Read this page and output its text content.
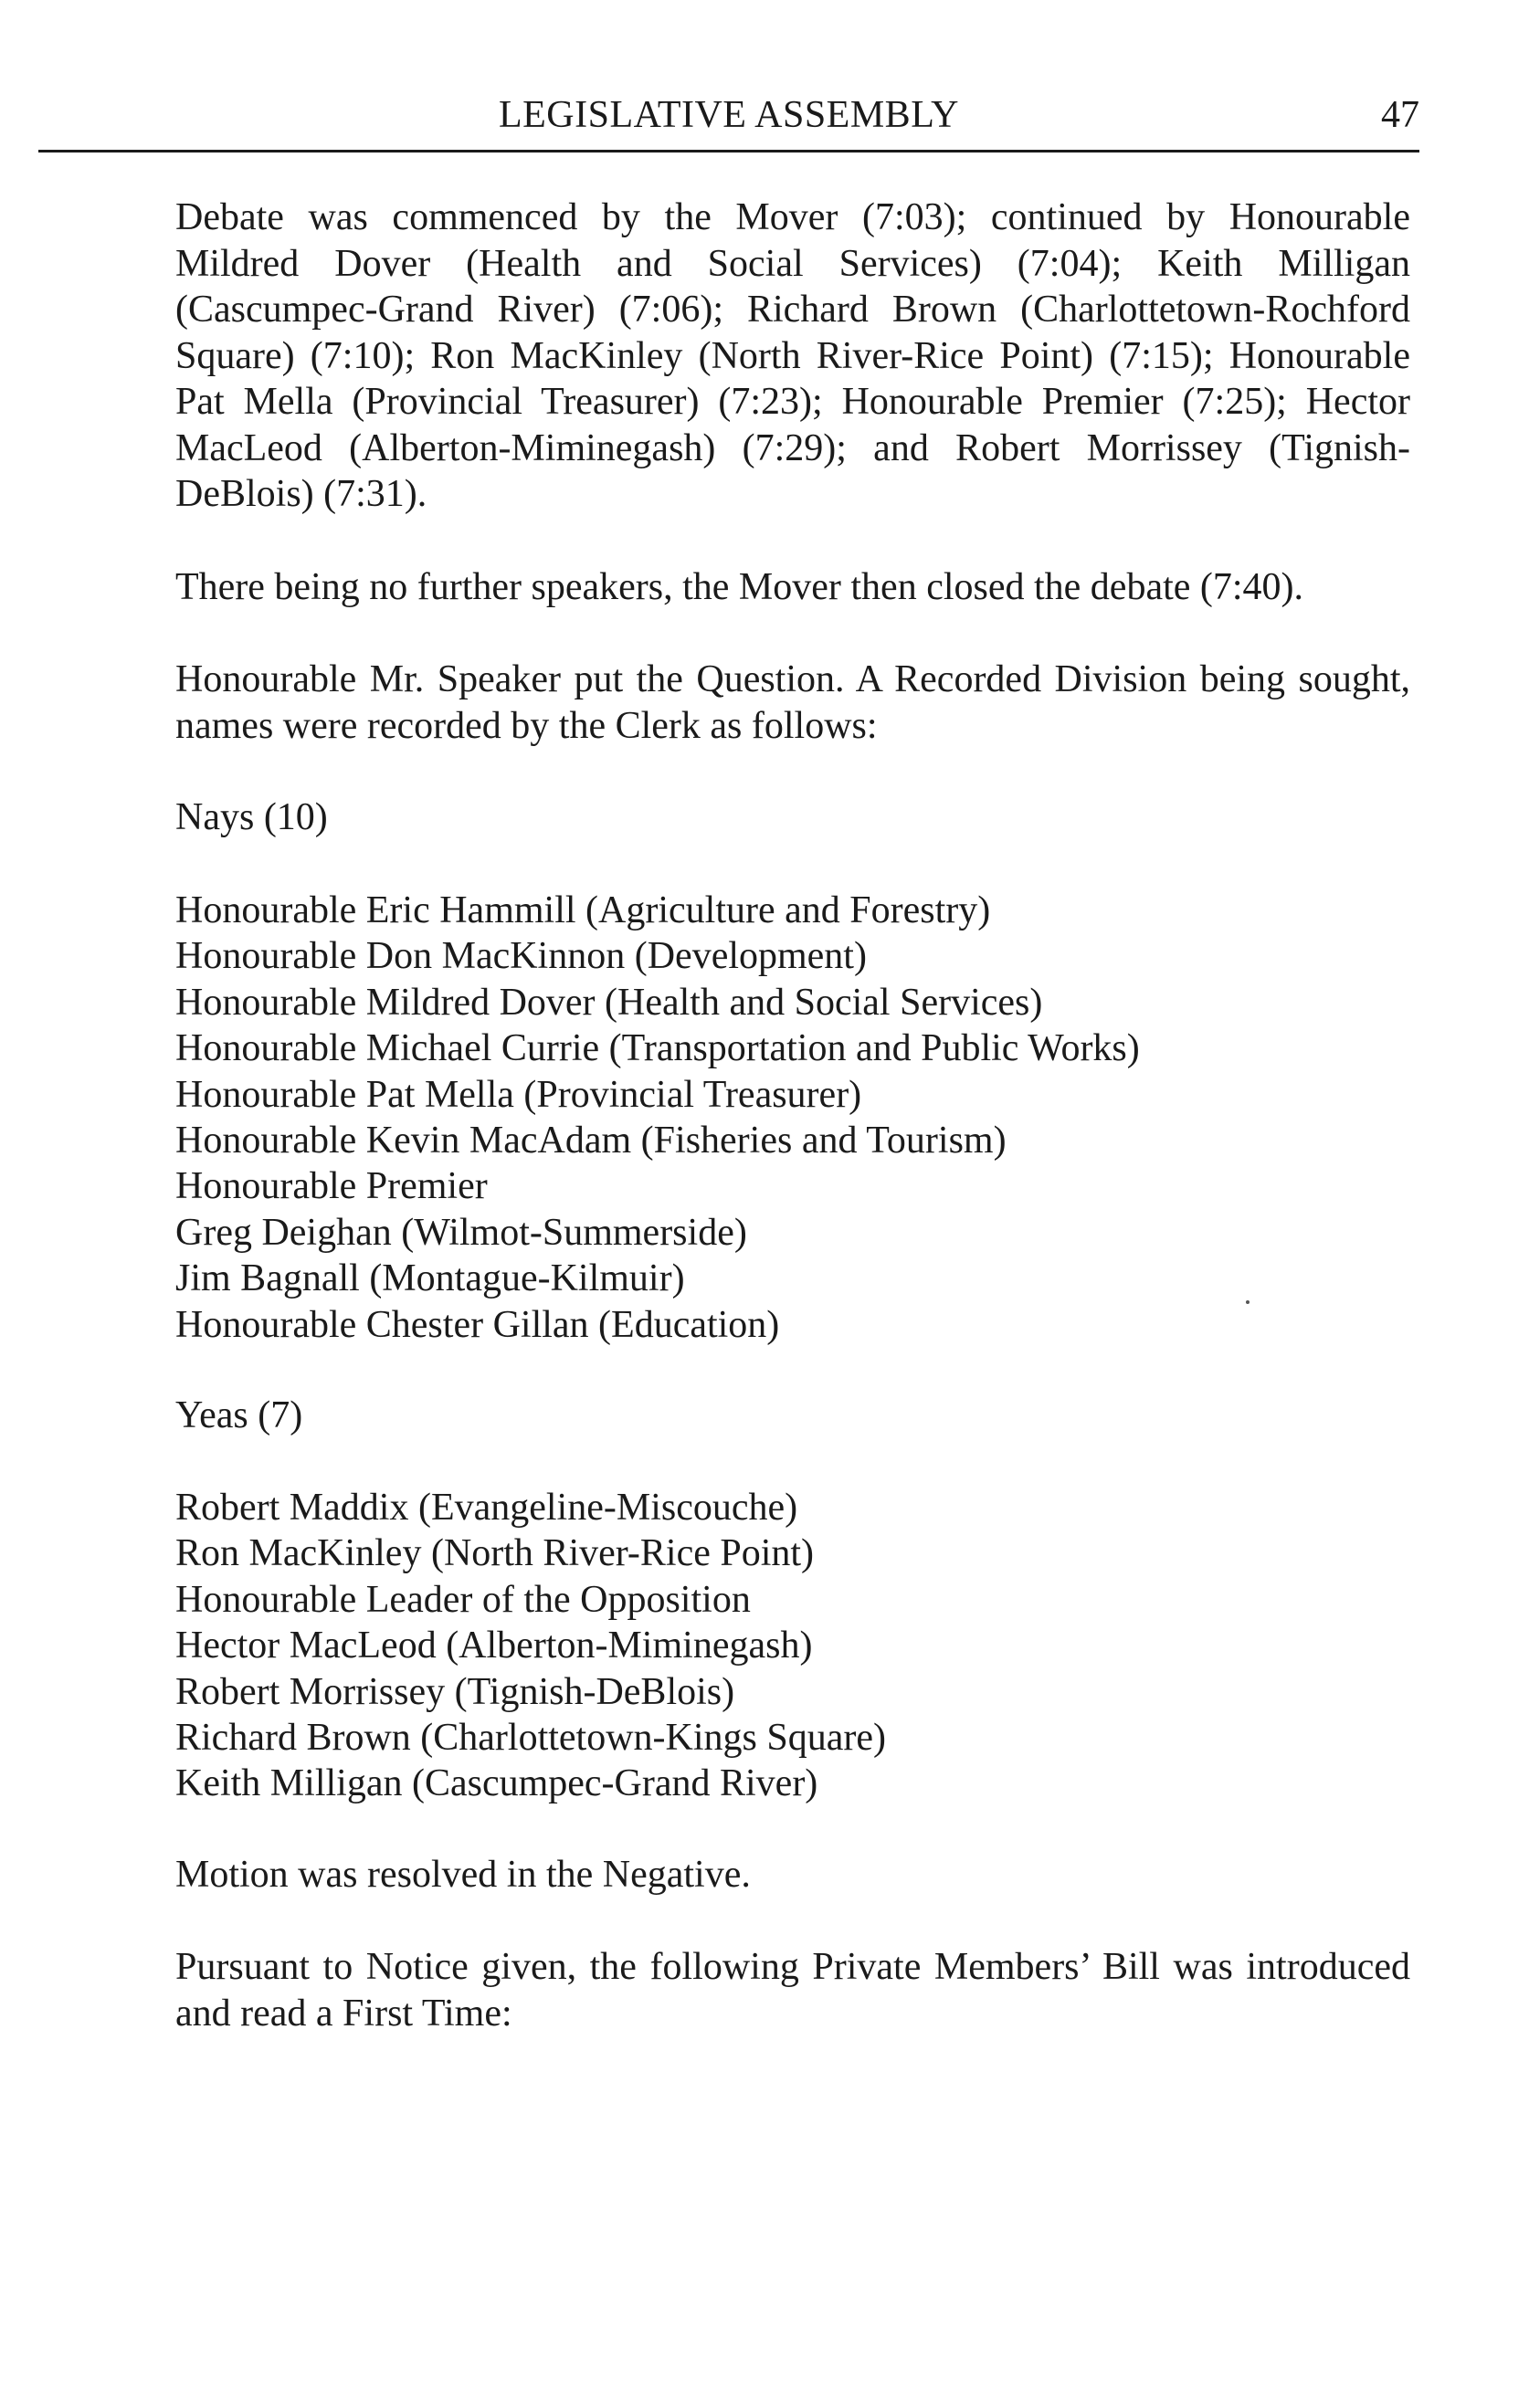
LEGISLATIVE ASSEMBLY	47

Debate was commenced by the Mover (7:03); continued by Honourable Mildred Dover (Health and Social Services) (7:04); Keith Milligan (Cascumpec-Grand River) (7:06); Richard Brown (Charlottetown-Rochford Square) (7:10); Ron MacKinley (North River-Rice Point) (7:15); Honourable Pat Mella (Provincial Treasurer) (7:23); Honourable Premier (7:25); Hector MacLeod (Alberton-Miminegash) (7:29); and Robert Morrissey (Tignish-DeBlois) (7:31).

There being no further speakers, the Mover then closed the debate (7:40).

Honourable Mr. Speaker put the Question. A Recorded Division being sought, names were recorded by the Clerk as follows:

Nays (10)
Honourable Eric Hammill (Agriculture and Forestry)
Honourable Don MacKinnon (Development)
Honourable Mildred Dover (Health and Social Services)
Honourable Michael Currie (Transportation and Public Works)
Honourable Pat Mella (Provincial Treasurer)
Honourable Kevin MacAdam (Fisheries and Tourism)
Honourable Premier
Greg Deighan (Wilmot-Summerside)
Jim Bagnall (Montague-Kilmuir)
Honourable Chester Gillan (Education)
Yeas (7)
Robert Maddix (Evangeline-Miscouche)
Ron MacKinley (North River-Rice Point)
Honourable Leader of the Opposition
Hector MacLeod (Alberton-Miminegash)
Robert Morrissey (Tignish-DeBlois)
Richard Brown (Charlottetown-Kings Square)
Keith Milligan (Cascumpec-Grand River)

Motion was resolved in the Negative.

Pursuant to Notice given, the following Private Members’ Bill was introduced and read a First Time:
